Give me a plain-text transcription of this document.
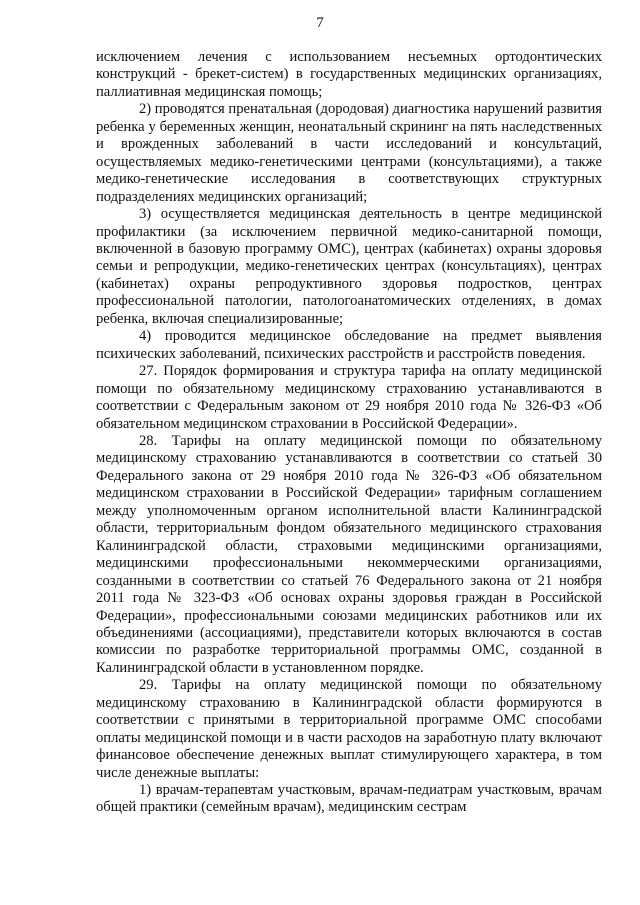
7

исключением лечения с использованием несъемных ортодонтических конструкций - брекет-систем) в государственных медицинских организациях, паллиативная медицинская помощь;

2) проводятся пренатальная (дородовая) диагностика нарушений развития ребенка у беременных женщин, неонатальный скрининг на пять наследственных и врожденных заболеваний в части исследований и консультаций, осуществляемых медико-генетическими центрами (консультациями), а также медико-генетические исследования в соответствующих структурных подразделениях медицинских организаций;

3) осуществляется медицинская деятельность в центре медицинской профилактики (за исключением первичной медико-санитарной помощи, включенной в базовую программу ОМС), центрах (кабинетах) охраны здоровья семьи и репродукции, медико-генетических центрах (консультациях), центрах (кабинетах) охраны репродуктивного здоровья подростков, центрах профессиональной патологии, патологоанатомических отделениях, в домах ребенка, включая специализированные;

4) проводится медицинское обследование на предмет выявления психических заболеваний, психических расстройств и расстройств поведения.

27. Порядок формирования и структура тарифа на оплату медицинской помощи по обязательному медицинскому страхованию устанавливаются в соответствии с Федеральным законом от 29 ноября 2010 года № 326-ФЗ «Об обязательном медицинском страховании в Российской Федерации».

28. Тарифы на оплату медицинской помощи по обязательному медицинскому страхованию устанавливаются в соответствии со статьей 30 Федерального закона от 29 ноября 2010 года № 326-ФЗ «Об обязательном медицинском страховании в Российской Федерации» тарифным соглашением между уполномоченным органом исполнительной власти Калининградской области, территориальным фондом обязательного медицинского страхования Калининградской области, страховыми медицинскими организациями, медицинскими профессиональными некоммерческими организациями, созданными в соответствии со статьей 76 Федерального закона от 21 ноября 2011 года № 323-ФЗ «Об основах охраны здоровья граждан в Российской Федерации», профессиональными союзами медицинских работников или их объединениями (ассоциациями), представители которых включаются в состав комиссии по разработке территориальной программы ОМС, созданной в Калининградской области в установленном порядке.

29. Тарифы на оплату медицинской помощи по обязательному медицинскому страхованию в Калининградской области формируются в соответствии с принятыми в территориальной программе ОМС способами оплаты медицинской помощи и в части расходов на заработную плату включают финансовое обеспечение денежных выплат стимулирующего характера, в том числе денежные выплаты:

1) врачам-терапевтам участковым, врачам-педиатрам участковым, врачам общей практики (семейным врачам), медицинским сестрам
